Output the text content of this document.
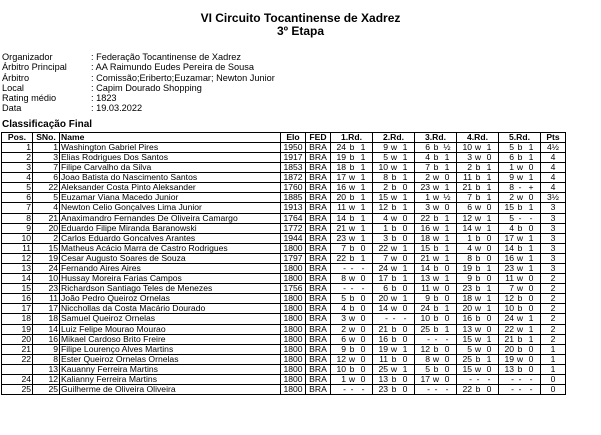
VI Circuito Tocantinense de Xadrez
3º Etapa
Organizador	: Federação Tocantinense de Xadrez
Árbitro Principal	: AA Raimundo Eudes Pereira de Sousa
Árbitro	: Comissão;Eriberto;Euzamar; Newton Junior
Local	: Capim Dourado Shopping
Rating médio	: 1823
Data	: 19.03.2022
Classificação Final
Pos.	SNo.	Name	Elo	FED	1.Rd.	2.Rd.	3.Rd.	4.Rd.	5.Rd.	Pts
1	1	Washington Gabriel Pires	1950	BRA	24 b 1	9 w 1	6 b ½	10 w 1	5 b 1	4½
2	3	Elias Rodrigues Dos Santos	1917	BRA	19 b 1	5 w 1	4 b 1	3 w 0	6 b 1	4
3	7	Filipe Carvalho da Silva	1853	BRA	18 b 1	10 w 1	7 b 1	2 b 1	1 w 0	4
4	6	Joao Batista do Nascimento Santos	1872	BRA	17 w 1	8 b 1	2 w 0	11 b 1	9 w 1	4
5	22	Aleksander Costa Pinto Aleksander	1760	BRA	16 w 1	2 b 0	23 w 1	21 b 1	8 - +	4
6	5	Euzamar Viana Macedo Junior	1885	BRA	20 b 1	15 w 1	1 w ½	7 b 1	2 w 0	3½
7	4	Newton Celio Gonçalves Lima Junior	1913	BRA	11 w 1	12 b 1	3 w 0	6 w 0	15 b 1	3
8	21	Anaximandro Fernandes De Oliveira Camargo	1764	BRA	14 b 1	4 w 0	22 b 1	12 w 1	5 - -	3
9	20	Eduardo Filipe Miranda Baranowski	1772	BRA	21 w 1	1 b 0	16 w 1	14 w 1	4 b 0	3
10	2	Carlos Eduardo Goncalves Arantes	1944	BRA	23 w 1	3 b 0	18 w 1	1 b 0	17 w 1	3
11	15	Matheus Acácio Marra de Castro Rodrigues	1800	BRA	7 b 0	22 w 1	15 b 1	4 w 0	14 b 1	3
12	19	Cesar Augusto Soares de Souza	1797	BRA	22 b 1	7 w 0	21 w 1	8 b 0	16 w 1	3
13	24	Fernando Aires Aires	1800	BRA	- - -	24 w 1	14 b 0	19 b 1	23 w 1	3
14	10	Hussay Moreira Farias Campos	1800	BRA	8 w 0	17 b 1	13 w 1	9 b 0	11 w 0	2
15	23	Richardson Santiago Teles de Menezes	1756	BRA	- - -	6 b 0	11 w 0	23 b 1	7 w 0	2
16	11	João Pedro Queiroz Ornelas	1800	BRA	5 b 0	20 w 1	9 b 0	18 w 1	12 b 0	2
17	17	Nicchollas da Costa Macário Dourado	1800	BRA	4 b 0	14 w 0	24 b 1	20 w 1	10 b 0	2
18	18	Samuel Queiroz Ornelas	1800	BRA	3 w 0	- - -	10 b 0	16 b 0	24 w 1	2
19	14	Luiz Felipe Mourao Mourao	1800	BRA	2 w 0	21 b 0	25 b 1	13 w 0	22 w 1	2
20	16	Mikael Cardoso Brito Freire	1800	BRA	6 w 0	16 b 0	- - -	15 w 1	21 b 1	2
21	9	Filipe Lourenço Alves Martins	1800	BRA	9 b 0	19 w 1	12 b 0	5 w 0	20 b 0	1
22	8	Ester Queiroz Ornelas Ornelas	1800	BRA	12 w 0	11 b 0	8 w 0	25 b 1	19 w 0	1
	13	Kauanny Ferreira Martins	1800	BRA	10 b 0	25 w 1	5 b 0	15 w 0	13 b 0	1
24	12	Kalianny Ferreira Martins	1800	BRA	1 w 0	13 b 0	17 w 0	- - -	- - -	0
25	25	Guilherme de Oliveira Oliveira	1800	BRA	- - -	23 b 0	- - -	22 b 0	- - -	0
